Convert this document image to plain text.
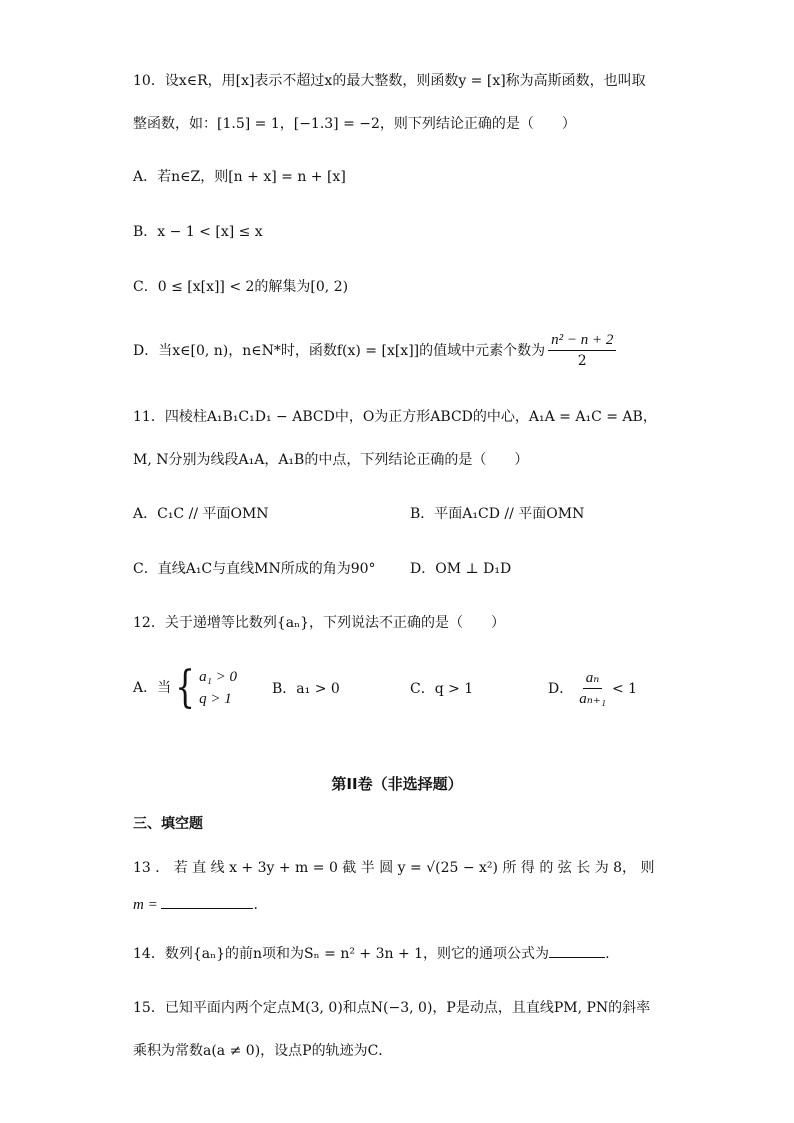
10．设x∈R，用[x]表示不超过x的最大整数，则函数y = [x]称为高斯函数，也叫取
整函数，如：[1.5] = 1，[−1.3] = −2，则下列结论正确的是（　　）
A．若n∈Z，则[n + x] = n + [x]
B．x − 1 < [x] ≤ x
C．0 ≤ [x[x]] < 2的解集为[0, 2)
D．当x∈[0, n)，n∈N*时，函数f(x) = [x[x]]的值域中元素个数为 $\frac{\text{n² − n + 2}}{2}$
11．四棱柱A₁B₁C₁D₁ − ABCD中，O为正方形ABCD的中心，A₁A = A₁C = AB，
M, N分别为线段A₁A，A₁B的中点，下列结论正确的是（　　）
A．C₁C // 平面OMN	B．平面A₁CD // 平面OMN
C．直线A₁C与直线MN所成的角为90° D．OM ⊥ D₁D
12．关于递增等比数列{aₙ}，下列说法不正确的是（　　）
A．当 { a₁ > 0
q > 1
B．a₁ > 0	C．q > 1	D． $\frac{\text{aₙ}}{\text{aₙ₊₁}} < 1$
第II卷（非选择题）
三、填空题
13 ． 若 直 线 x + 3y + m = 0 截 半 圆 y = √(25 − x²) 所 得 的 弦 长 为 8， 则
m =	.
14．数列{aₙ}的前n项和为Sₙ = n² + 3n + 1，则它的通项公式为	.
15．已知平面内两个定点M(3, 0)和点N(−3, 0)，P是动点，且直线PM, PN的斜率
乘积为常数a(a ≠ 0)，设点P的轨迹为C．
